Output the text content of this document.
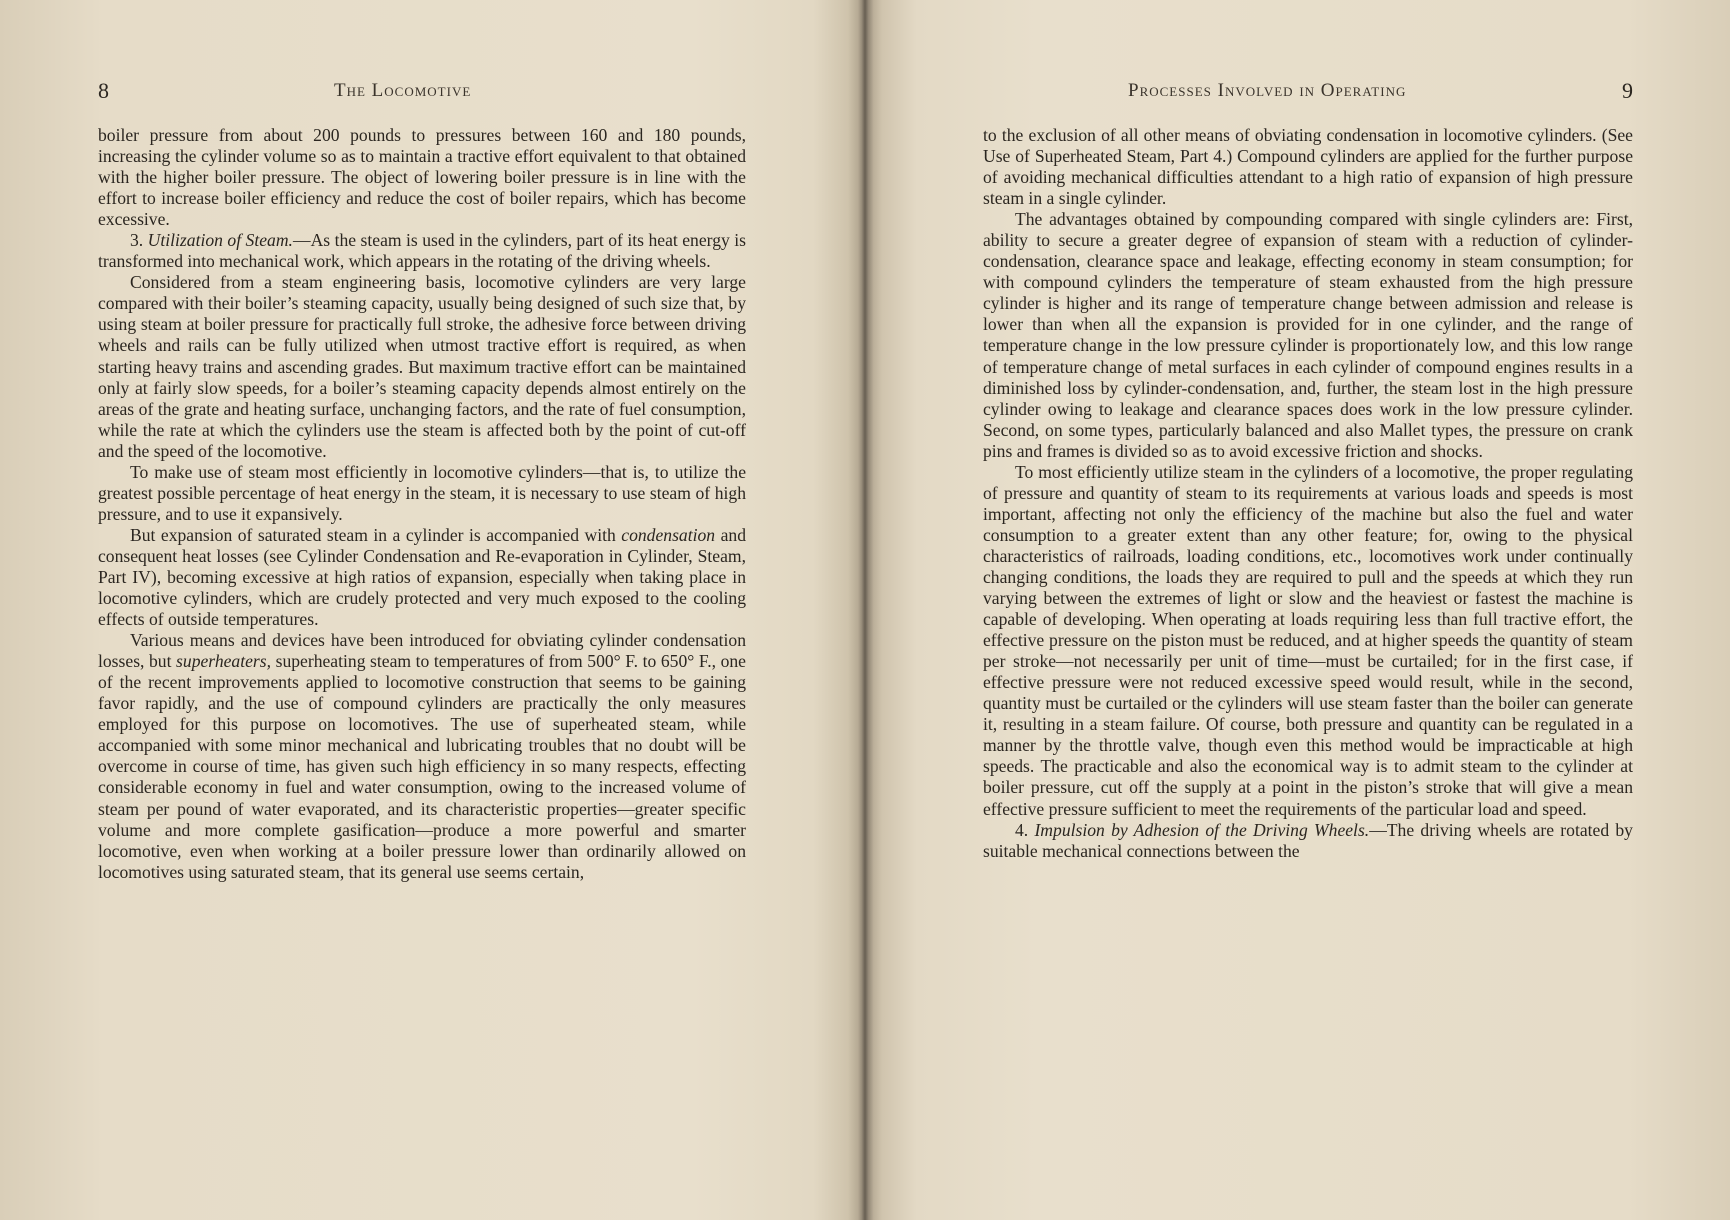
8	The Locomotive

boiler pressure from about 200 pounds to pressures between 160 and 180 pounds, increasing the cylinder volume so as to maintain a tractive effort equivalent to that obtained with the higher boiler pressure. The object of lowering boiler pressure is in line with the effort to increase boiler efficiency and reduce the cost of boiler repairs, which has become excessive.

3. Utilization of Steam.—As the steam is used in the cylinders, part of its heat energy is transformed into mechanical work, which appears in the rotating of the driving wheels.

Considered from a steam engineering basis, locomotive cylinders are very large compared with their boiler’s steaming capacity, usually being designed of such size that, by using steam at boiler pressure for practically full stroke, the adhesive force between driving wheels and rails can be fully utilized when utmost tractive effort is required, as when starting heavy trains and ascending grades. But maximum tractive effort can be maintained only at fairly slow speeds, for a boiler’s steaming capacity depends almost entirely on the areas of the grate and heating surface, unchanging factors, and the rate of fuel consumption, while the rate at which the cylinders use the steam is affected both by the point of cut-off and the speed of the locomotive.

To make use of steam most efficiently in locomotive cylinders—that is, to utilize the greatest possible percentage of heat energy in the steam, it is necessary to use steam of high pressure, and to use it expansively.

But expansion of saturated steam in a cylinder is accompanied with condensation and consequent heat losses (see Cylinder Condensation and Re-evaporation in Cylinder, Steam, Part IV), becoming excessive at high ratios of expansion, especially when taking place in locomotive cylinders, which are crudely protected and very much exposed to the cooling effects of outside temperatures.

Various means and devices have been introduced for obviating cylinder condensation losses, but superheaters, superheating steam to temperatures of from 500° F. to 650° F., one of the recent improvements applied to locomotive construction that seems to be gaining favor rapidly, and the use of compound cylinders are practically the only measures employed for this purpose on locomotives. The use of superheated steam, while accompanied with some minor mechanical and lubricating troubles that no doubt will be overcome in course of time, has given such high efficiency in so many respects, effecting considerable economy in fuel and water consumption, owing to the increased volume of steam per pound of water evaporated, and its characteristic properties—greater specific volume and more complete gasification—produce a more powerful and smarter locomotive, even when working at a boiler pressure lower than ordinarily allowed on locomotives using saturated steam, that its general use seems certain,

Processes Involved in Operating	9

to the exclusion of all other means of obviating condensation in locomotive cylinders. (See Use of Superheated Steam, Part 4.) Compound cylinders are applied for the further purpose of avoiding mechanical difficulties attendant to a high ratio of expansion of high pressure steam in a single cylinder.

The advantages obtained by compounding compared with single cylinders are: First, ability to secure a greater degree of expansion of steam with a reduction of cylinder-condensation, clearance space and leakage, effecting economy in steam consumption; for with compound cylinders the temperature of steam exhausted from the high pressure cylinder is higher and its range of temperature change between admission and release is lower than when all the expansion is provided for in one cylinder, and the range of temperature change in the low pressure cylinder is proportionately low, and this low range of temperature change of metal surfaces in each cylinder of compound engines results in a diminished loss by cylinder-condensation, and, further, the steam lost in the high pressure cylinder owing to leakage and clearance spaces does work in the low pressure cylinder. Second, on some types, particularly balanced and also Mallet types, the pressure on crank pins and frames is divided so as to avoid excessive friction and shocks.

To most efficiently utilize steam in the cylinders of a locomotive, the proper regulating of pressure and quantity of steam to its requirements at various loads and speeds is most important, affecting not only the efficiency of the machine but also the fuel and water consumption to a greater extent than any other feature; for, owing to the physical characteristics of railroads, loading conditions, etc., locomotives work under continually changing conditions, the loads they are required to pull and the speeds at which they run varying between the extremes of light or slow and the heaviest or fastest the machine is capable of developing. When operating at loads requiring less than full tractive effort, the effective pressure on the piston must be reduced, and at higher speeds the quantity of steam per stroke—not necessarily per unit of time—must be curtailed; for in the first case, if effective pressure were not reduced excessive speed would result, while in the second, quantity must be curtailed or the cylinders will use steam faster than the boiler can generate it, resulting in a steam failure. Of course, both pressure and quantity can be regulated in a manner by the throttle valve, though even this method would be impracticable at high speeds. The practicable and also the economical way is to admit steam to the cylinder at boiler pressure, cut off the supply at a point in the piston’s stroke that will give a mean effective pressure sufficient to meet the requirements of the particular load and speed.

4. Impulsion by Adhesion of the Driving Wheels.—The driving wheels are rotated by suitable mechanical connections between the
